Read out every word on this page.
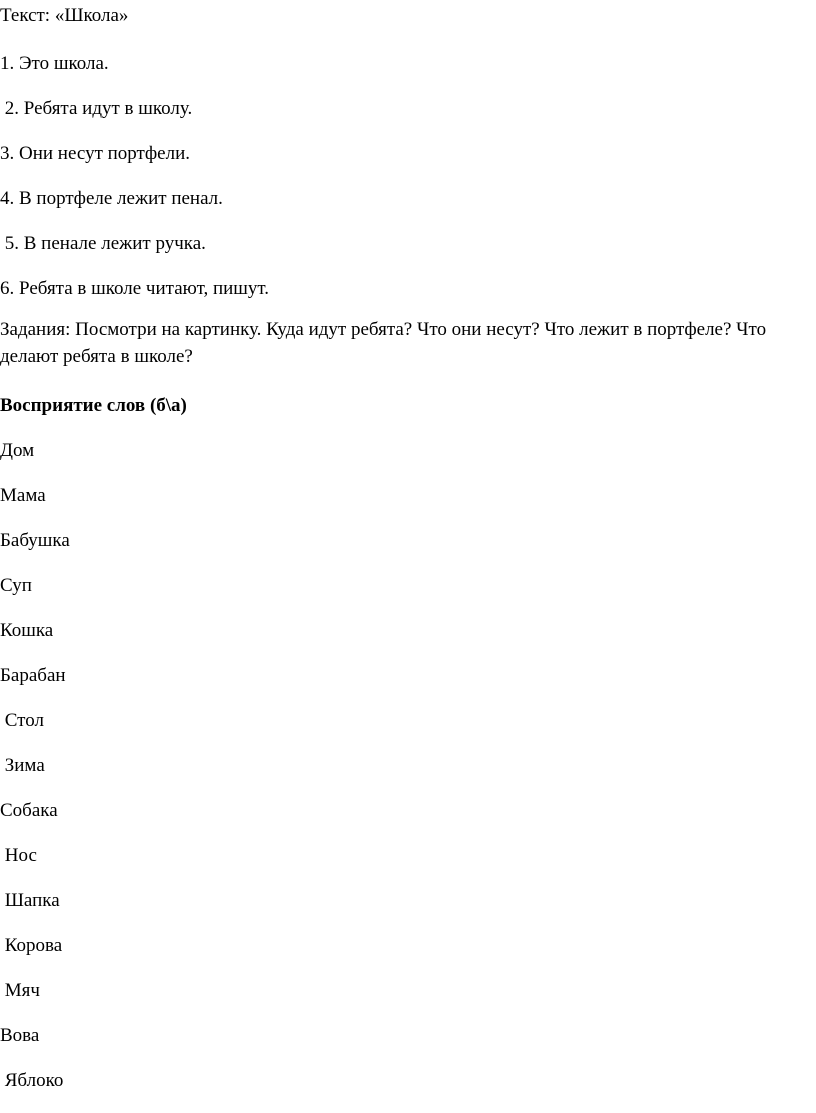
Текст: «Школа»
1. Это школа.
2. Ребята идут в школу.
3. Они несут портфели.
4. В портфеле лежит пенал.
5. В пенале лежит ручка.
6. Ребята в школе читают, пишут.
Задания: Посмотри на картинку. Куда идут ребята? Что они несут? Что лежит в портфеле? Что делают ребята в школе?
Восприятие слов (б\а)
Дом
Мама
Бабушка
Суп
Кошка
Барабан
Стол
Зима
Собака
Нос
Шапка
Корова
Мяч
Вова
Яблоко
